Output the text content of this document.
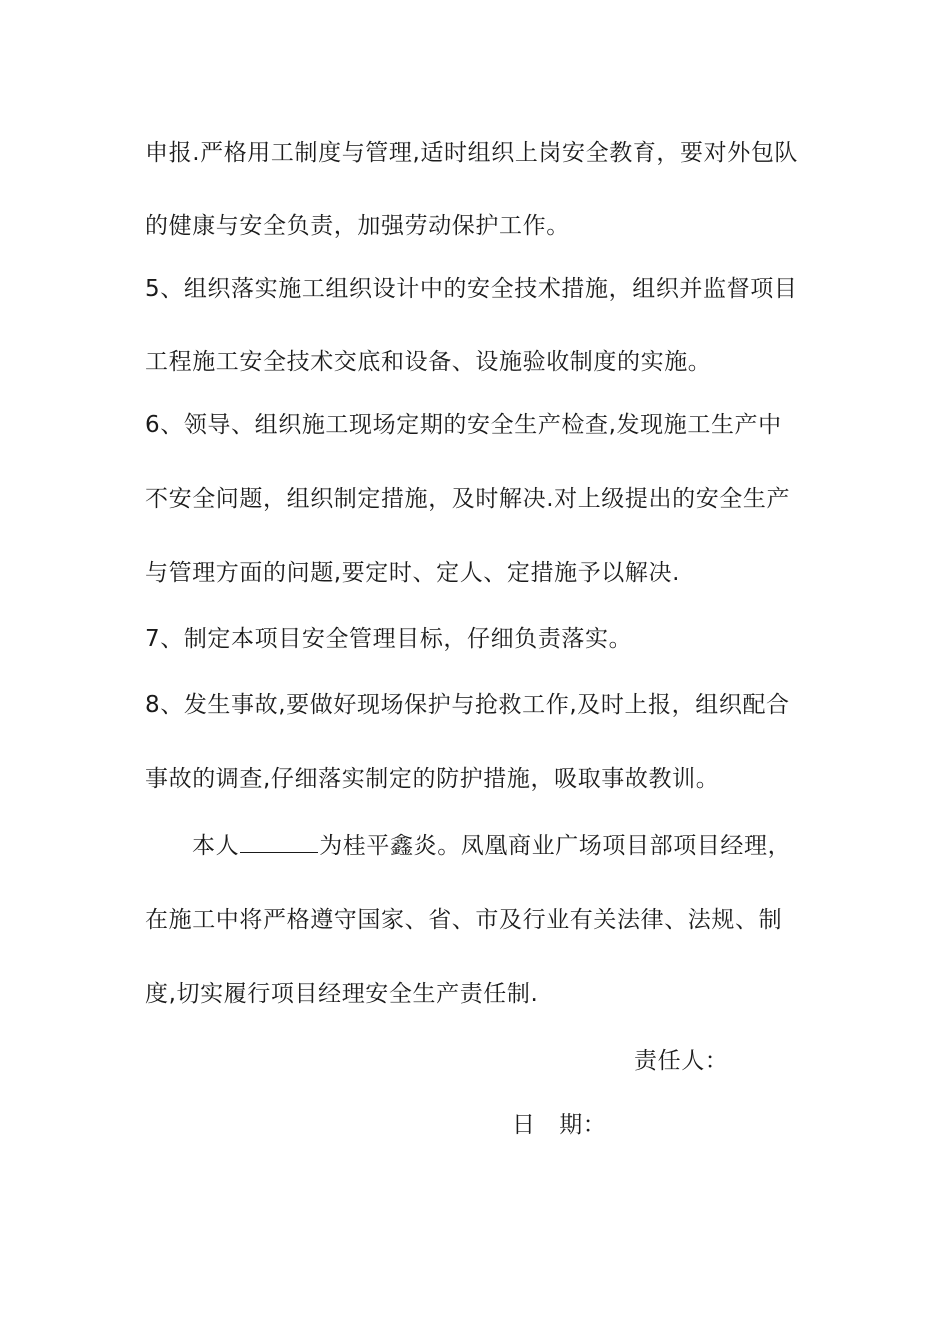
申报.严格用工制度与管理,适时组织上岗安全教育，要对外包队
的健康与安全负责，加强劳动保护工作。
5、组织落实施工组织设计中的安全技术措施，组织并监督项目
工程施工安全技术交底和设备、设施验收制度的实施。
6、领导、组织施工现场定期的安全生产检查,发现施工生产中
不安全问题，组织制定措施，及时解决.对上级提出的安全生产
与管理方面的问题,要定时、定人、定措施予以解决.
7、制定本项目安全管理目标，仔细负责落实。
8、发生事故,要做好现场保护与抢救工作,及时上报，组织配合
事故的调查,仔细落实制定的防护措施，吸取事故教训。
本人	为桂平鑫炎。凤凰商业广场项目部项目经理，
在施工中将严格遵守国家、省、市及行业有关法律、法规、制
度,切实履行项目经理安全生产责任制.
责任人：
日　期：
